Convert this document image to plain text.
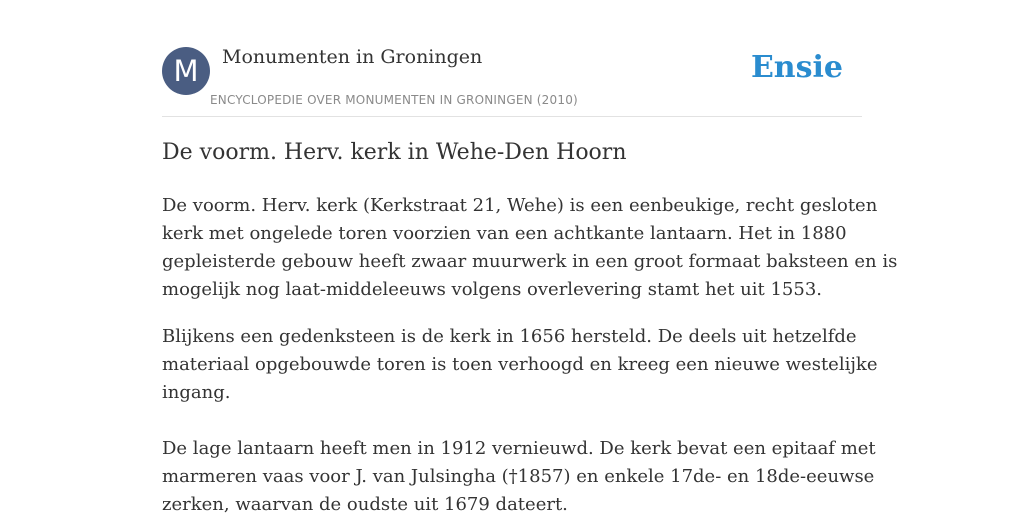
M	Monumenten in Groningen
ENCYCLOPEDIE OVER MONUMENTEN IN GRONINGEN (2010)
Ensie
De voorm. Herv. kerk in Wehe-Den Hoorn

De voorm. Herv. kerk (Kerkstraat 21, Wehe) is een eenbeukige, recht gesloten
kerk met ongelede toren voorzien van een achtkante lantaarn. Het in 1880
gepleisterde gebouw heeft zwaar muurwerk in een groot formaat baksteen en is
mogelijk nog laat-middeleeuws volgens overlevering stamt het uit 1553.

Blijkens een gedenksteen is de kerk in 1656 hersteld. De deels uit hetzelfde
materiaal opgebouwde toren is toen verhoogd en kreeg een nieuwe westelijke
ingang.

De lage lantaarn heeft men in 1912 vernieuwd. De kerk bevat een epitaaf met
marmeren vaas voor J. van Julsingha (†1857) en enkele 17de- en 18de-eeuwse
zerken, waarvan de oudste uit 1679 dateert.
